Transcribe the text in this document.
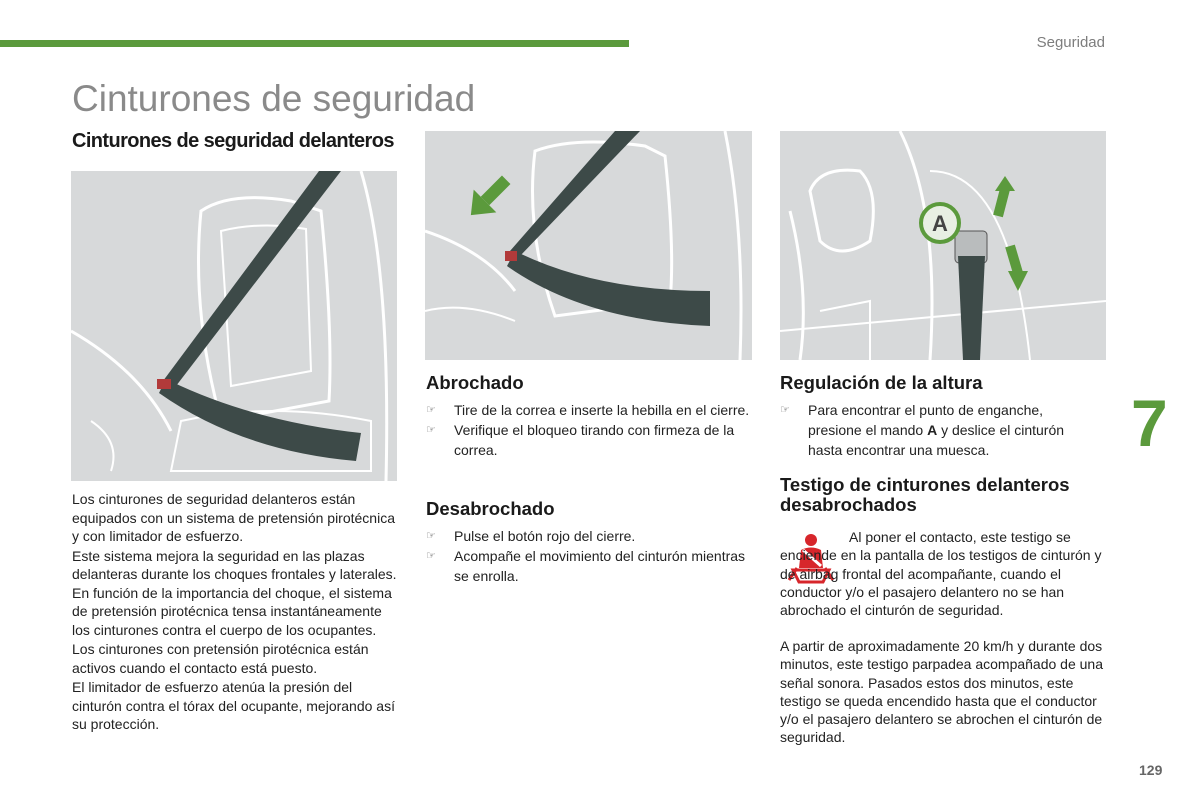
Seguridad
Cinturones de seguridad
Cinturones de seguridad delanteros

Los cinturones de seguridad delanteros están equipados con un sistema de pretensión pirotécnica y con limitador de esfuerzo.

Este sistema mejora la seguridad en las plazas delanteras durante los choques frontales y laterales. En función de la importancia del choque, el sistema de pretensión pirotécnica tensa instantáneamente los cinturones contra el cuerpo de los ocupantes.

Los cinturones con pretensión pirotécnica están activos cuando el contacto está puesto.

El limitador de esfuerzo atenúa la presión del cinturón contra el tórax del ocupante, mejorando así su protección.

Abrochado
☞ Tire de la correa e inserte la hebilla en el cierre.
☞ Verifique el bloqueo tirando con firmeza de la correa.
Desabrochado
☞ Pulse el botón rojo del cierre.
☞ Acompañe el movimiento del cinturón mientras se enrolla.
A
Regulación de la altura
☞ Para encontrar el punto de enganche, presione el mando A y deslice el cinturón hasta encontrar una muesca.
Testigo de cinturones delanteros
desabrochados
Al poner el contacto, este testigo se enciende en la pantalla de los testigos de cinturón y de airbag frontal del acompañante, cuando el conductor y/o el pasajero delantero no se han abrochado el cinturón de seguridad.
A partir de aproximadamente 20 km/h y durante dos minutos, este testigo parpadea acompañado de una señal sonora. Pasados estos dos minutos, este testigo se queda encendido hasta que el conductor y/o el pasajero delantero se abrochen el cinturón de seguridad.
7
129
